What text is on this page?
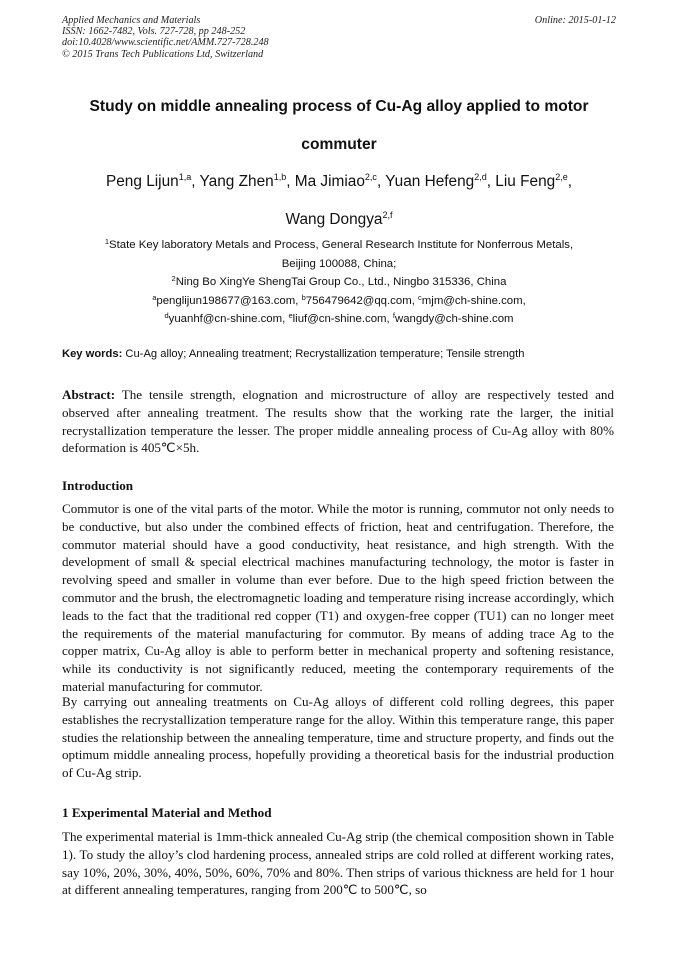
Applied Mechanics and Materials
ISSN: 1662-7482, Vols. 727-728, pp 248-252
doi:10.4028/www.scientific.net/AMM.727-728.248
© 2015 Trans Tech Publications Ltd, Switzerland
Online: 2015-01-12
Study on middle annealing process of Cu-Ag alloy applied to motor
commuter
Peng Lijun$^{1,a}$, Yang Zhen$^{1,b}$, Ma Jimiao$^{2,c}$, Yuan Hefeng$^{2,d}$, Liu Feng$^{2,e}$,
Wang Dongya$^{2,f}$
$^1$State Key laboratory Metals and Process, General Research Institute for Nonferrous Metals,
Beijing 100088, China;
$^2$Ning Bo XingYe ShengTai Group Co., Ltd., Ningbo 315336, China
$^a$penglijun198677@163.com, $^b$756479642@qq.com, $^c$mjm@ch-shine.com,
$^d$yuanhf@cn-shine.com, $^e$liuf@cn-shine.com, $^f$wangdy@ch-shine.com
Key words: Cu-Ag alloy; Annealing treatment; Recrystallization temperature; Tensile strength
Abstract: The tensile strength, elognation and microstructure of alloy are respectively tested and observed after annealing treatment. The results show that the working rate the larger, the initial recrystallization temperature the lesser. The proper middle annealing process of Cu-Ag alloy with 80% deformation is 405℃×5h.
Introduction
Commutor is one of the vital parts of the motor. While the motor is running, commutor not only needs to be conductive, but also under the combined effects of friction, heat and centrifugation. Therefore, the commutor material should have a good conductivity, heat resistance, and high strength. With the development of small & special electrical machines manufacturing technology, the motor is faster in revolving speed and smaller in volume than ever before. Due to the high speed friction between the commutor and the brush, the electromagnetic loading and temperature rising increase accordingly, which leads to the fact that the traditional red copper (T1) and oxygen-free copper (TU1) can no longer meet the requirements of the material manufacturing for commutor. By means of adding trace Ag to the copper matrix, Cu-Ag alloy is able to perform better in mechanical property and softening resistance, while its conductivity is not significantly reduced, meeting the contemporary requirements of the material manufacturing for commutor.
By carrying out annealing treatments on Cu-Ag alloys of different cold rolling degrees, this paper establishes the recrystallization temperature range for the alloy. Within this temperature range, this paper studies the relationship between the annealing temperature, time and structure property, and finds out the optimum middle annealing process, hopefully providing a theoretical basis for the industrial production of Cu-Ag strip.
1 Experimental Material and Method
The experimental material is 1mm-thick annealed Cu-Ag strip (the chemical composition shown in Table 1). To study the alloy’s clod hardening process, annealed strips are cold rolled at different working rates, say 10%, 20%, 30%, 40%, 50%, 60%, 70% and 80%. Then strips of various thickness are held for 1 hour at different annealing temperatures, ranging from 200℃ to 500℃, so
